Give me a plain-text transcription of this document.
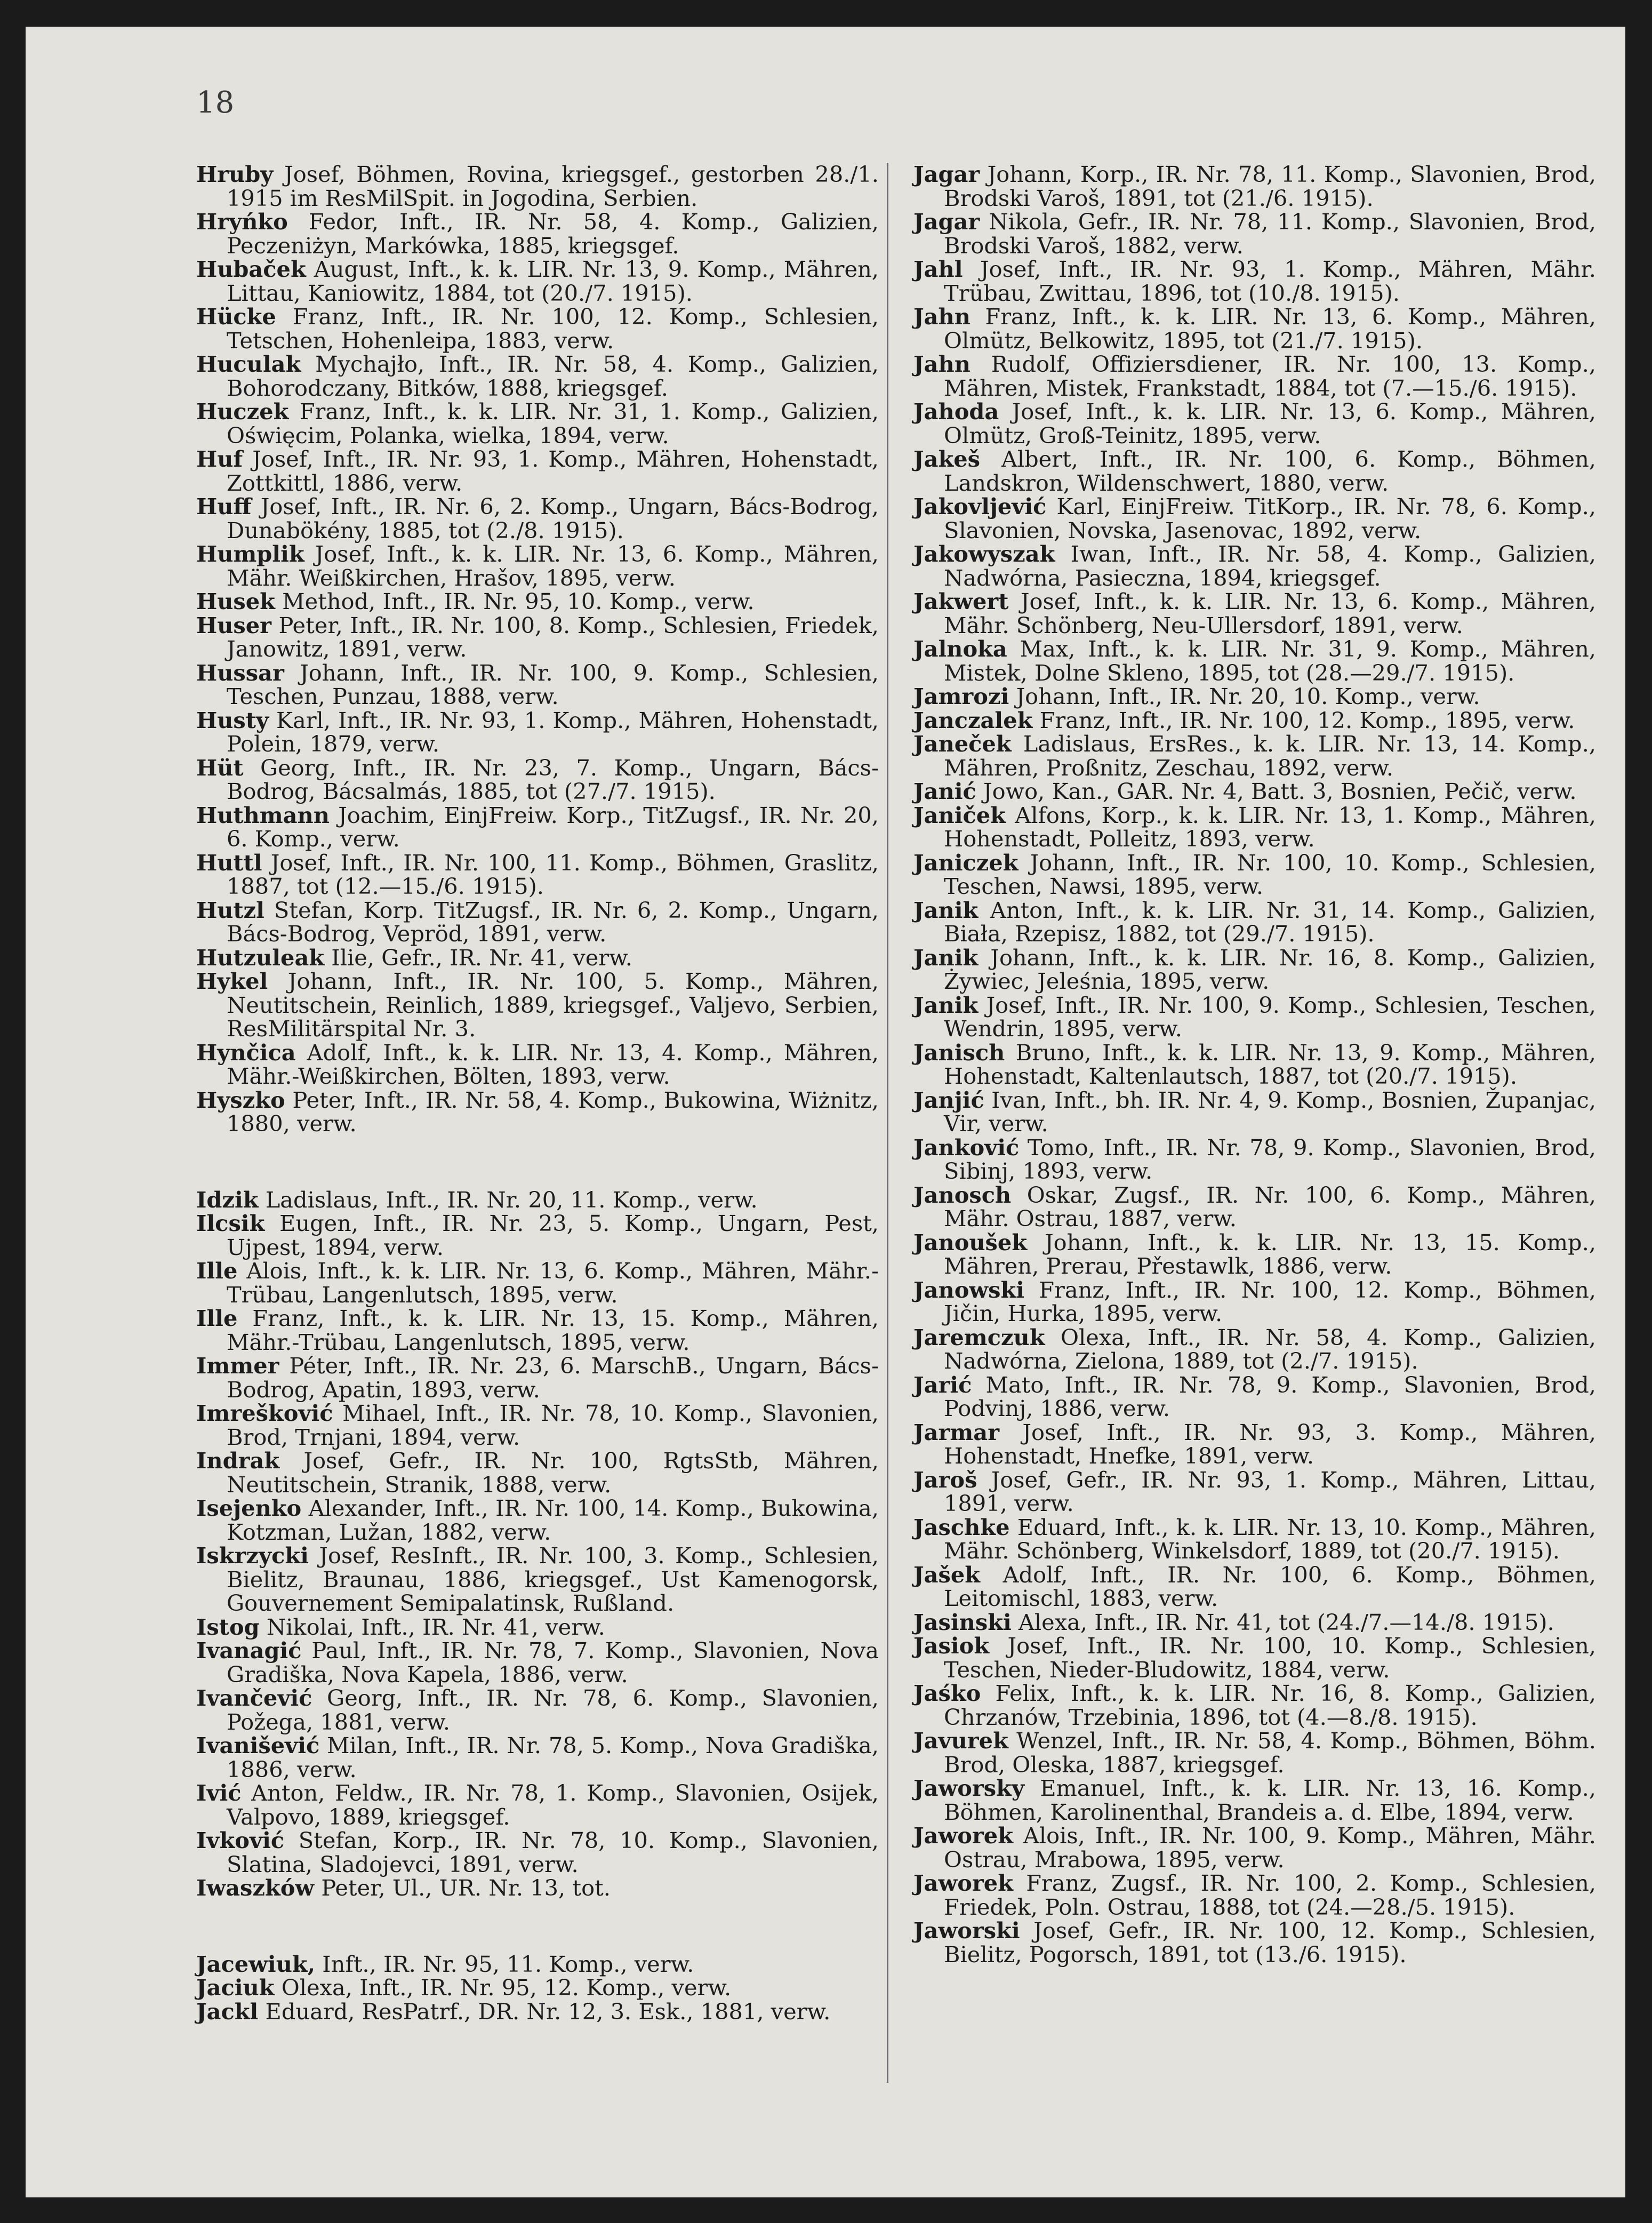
18
Hruby Josef, Böhmen, Rovina, kriegsgef., gestorben 28./1. 1915 im ResMilSpit. in Jogodina, Serbien.
Hryńko Fedor, Inft., IR. Nr. 58, 4. Komp., Galizien, Peczeniżyn, Markówka, 1885, kriegsgef.
Hubaček August, Inft., k. k. LIR. Nr. 13, 9. Komp., Mähren, Littau, Kaniowitz, 1884, tot (20./7. 1915).
Hücke Franz, Inft., IR. Nr. 100, 12. Komp., Schlesien, Tetschen, Hohenleipa, 1883, verw.
Huculak Mychajło, Inft., IR. Nr. 58, 4. Komp., Galizien, Bohorodczany, Bitków, 1888, kriegsgef.
Huczek Franz, Inft., k. k. LIR. Nr. 31, 1. Komp., Galizien, Oświęcim, Polanka, wielka, 1894, verw.
Huf Josef, Inft., IR. Nr. 93, 1. Komp., Mähren, Hohenstadt, Zottkittl, 1886, verw.
Huff Josef, Inft., IR. Nr. 6, 2. Komp., Ungarn, Bács-Bodrog, Dunabökény, 1885, tot (2./8. 1915).
Humplik Josef, Inft., k. k. LIR. Nr. 13, 6. Komp., Mähren, Mähr. Weißkirchen, Hrašov, 1895, verw.
Husek Method, Inft., IR. Nr. 95, 10. Komp., verw.
Huser Peter, Inft., IR. Nr. 100, 8. Komp., Schlesien, Friedek, Janowitz, 1891, verw.
Hussar Johann, Inft., IR. Nr. 100, 9. Komp., Schlesien, Teschen, Punzau, 1888, verw.
Husty Karl, Inft., IR. Nr. 93, 1. Komp., Mähren, Hohenstadt, Polein, 1879, verw.
Hüt Georg, Inft., IR. Nr. 23, 7. Komp., Ungarn, Bács-Bodrog, Bácsalmás, 1885, tot (27./7. 1915).
Huthmann Joachim, EinjFreiw. Korp., TitZugsf., IR. Nr. 20, 6. Komp., verw.
Huttl Josef, Inft., IR. Nr. 100, 11. Komp., Böhmen, Graslitz, 1887, tot (12.—15./6. 1915).
Hutzl Stefan, Korp. TitZugsf., IR. Nr. 6, 2. Komp., Ungarn, Bács-Bodrog, Vepröd, 1891, verw.
Hutzuleak Ilie, Gefr., IR. Nr. 41, verw.
Hykel Johann, Inft., IR. Nr. 100, 5. Komp., Mähren, Neutitschein, Reinlich, 1889, kriegsgef., Valjevo, Serbien, ResMilitärspital Nr. 3.
Hynčica Adolf, Inft., k. k. LIR. Nr. 13, 4. Komp., Mähren, Mähr.-Weißkirchen, Bölten, 1893, verw.
Hyszko Peter, Inft., IR. Nr. 58, 4. Komp., Bukowina, Wiżnitz, 1880, verw.
Idzik Ladislaus, Inft., IR. Nr. 20, 11. Komp., verw.
Ilcsik Eugen, Inft., IR. Nr. 23, 5. Komp., Ungarn, Pest, Ujpest, 1894, verw.
Ille Alois, Inft., k. k. LIR. Nr. 13, 6. Komp., Mähren, Mähr.-Trübau, Langenlutsch, 1895, verw.
Ille Franz, Inft., k. k. LIR. Nr. 13, 15. Komp., Mähren, Mähr.-Trübau, Langenlutsch, 1895, verw.
Immer Péter, Inft., IR. Nr. 23, 6. MarschB., Ungarn, Bács-Bodrog, Apatin, 1893, verw.
Imrešković Mihael, Inft., IR. Nr. 78, 10. Komp., Slavonien, Brod, Trnjani, 1894, verw.
Indrak Josef, Gefr., IR. Nr. 100, RgtsStb, Mähren, Neutitschein, Stranik, 1888, verw.
Isejenko Alexander, Inft., IR. Nr. 100, 14. Komp., Bukowina, Kotzman, Lužan, 1882, verw.
Iskrzycki Josef, ResInft., IR. Nr. 100, 3. Komp., Schlesien, Bielitz, Braunau, 1886, kriegsgef., Ust Kamenogorsk, Gouvernement Semipalatinsk, Rußland.
Istog Nikolai, Inft., IR. Nr. 41, verw.
Ivanagić Paul, Inft., IR. Nr. 78, 7. Komp., Slavonien, Nova Gradiška, Nova Kapela, 1886, verw.
Ivančević Georg, Inft., IR. Nr. 78, 6. Komp., Slavonien, Požega, 1881, verw.
Ivanišević Milan, Inft., IR. Nr. 78, 5. Komp., Nova Gradiška, 1886, verw.
Ivić Anton, Feldw., IR. Nr. 78, 1. Komp., Slavonien, Osijek, Valpovo, 1889, kriegsgef.
Ivković Stefan, Korp., IR. Nr. 78, 10. Komp., Slavonien, Slatina, Sladojevci, 1891, verw.
Iwaszków Peter, Ul., UR. Nr. 13, tot.
Jacewiuk, Inft., IR. Nr. 95, 11. Komp., verw.
Jaciuk Olexa, Inft., IR. Nr. 95, 12. Komp., verw.
Jackl Eduard, ResPatrf., DR. Nr. 12, 3. Esk., 1881, verw.
Jagar Johann, Korp., IR. Nr. 78, 11. Komp., Slavonien, Brod, Brodski Varoš, 1891, tot (21./6. 1915).
Jagar Nikola, Gefr., IR. Nr. 78, 11. Komp., Slavonien, Brod, Brodski Varoš, 1882, verw.
Jahl Josef, Inft., IR. Nr. 93, 1. Komp., Mähren, Mähr. Trübau, Zwittau, 1896, tot (10./8. 1915).
Jahn Franz, Inft., k. k. LIR. Nr. 13, 6. Komp., Mähren, Olmütz, Belkowitz, 1895, tot (21./7. 1915).
Jahn Rudolf, Offiziersdiener, IR. Nr. 100, 13. Komp., Mähren, Mistek, Frankstadt, 1884, tot (7.—15./6. 1915).
Jahoda Josef, Inft., k. k. LIR. Nr. 13, 6. Komp., Mähren, Olmütz, Groß-Teinitz, 1895, verw.
Jakeš Albert, Inft., IR. Nr. 100, 6. Komp., Böhmen, Landskron, Wildenschwert, 1880, verw.
Jakovljević Karl, EinjFreiw. TitKorp., IR. Nr. 78, 6. Komp., Slavonien, Novska, Jasenovac, 1892, verw.
Jakowyszak Iwan, Inft., IR. Nr. 58, 4. Komp., Galizien, Nadwórna, Pasieczna, 1894, kriegsgef.
Jakwert Josef, Inft., k. k. LIR. Nr. 13, 6. Komp., Mähren, Mähr. Schönberg, Neu-Ullersdorf, 1891, verw.
Jalnoka Max, Inft., k. k. LIR. Nr. 31, 9. Komp., Mähren, Mistek, Dolne Skleno, 1895, tot (28.—29./7. 1915).
Jamrozi Johann, Inft., IR. Nr. 20, 10. Komp., verw.
Janczalek Franz, Inft., IR. Nr. 100, 12. Komp., 1895, verw.
Janeček Ladislaus, ErsRes., k. k. LIR. Nr. 13, 14. Komp., Mähren, Proßnitz, Zeschau, 1892, verw.
Janić Jowo, Kan., GAR. Nr. 4, Batt. 3, Bosnien, Pečič, verw.
Janiček Alfons, Korp., k. k. LIR. Nr. 13, 1. Komp., Mähren, Hohenstadt, Polleitz, 1893, verw.
Janiczek Johann, Inft., IR. Nr. 100, 10. Komp., Schlesien, Teschen, Nawsi, 1895, verw.
Janik Anton, Inft., k. k. LIR. Nr. 31, 14. Komp., Galizien, Biała, Rzepisz, 1882, tot (29./7. 1915).
Janik Johann, Inft., k. k. LIR. Nr. 16, 8. Komp., Galizien, Żywiec, Jeleśnia, 1895, verw.
Janik Josef, Inft., IR. Nr. 100, 9. Komp., Schlesien, Teschen, Wendrin, 1895, verw.
Janisch Bruno, Inft., k. k. LIR. Nr. 13, 9. Komp., Mähren, Hohenstadt, Kaltenlautsch, 1887, tot (20./7. 1915).
Janjić Ivan, Inft., bh. IR. Nr. 4, 9. Komp., Bosnien, Županjac, Vir, verw.
Janković Tomo, Inft., IR. Nr. 78, 9. Komp., Slavonien, Brod, Sibinj, 1893, verw.
Janosch Oskar, Zugsf., IR. Nr. 100, 6. Komp., Mähren, Mähr. Ostrau, 1887, verw.
Janoušek Johann, Inft., k. k. LIR. Nr. 13, 15. Komp., Mähren, Prerau, Přestawlk, 1886, verw.
Janowski Franz, Inft., IR. Nr. 100, 12. Komp., Böhmen, Jičin, Hurka, 1895, verw.
Jaremczuk Olexa, Inft., IR. Nr. 58, 4. Komp., Galizien, Nadwórna, Zielona, 1889, tot (2./7. 1915).
Jarić Mato, Inft., IR. Nr. 78, 9. Komp., Slavonien, Brod, Podvinj, 1886, verw.
Jarmar Josef, Inft., IR. Nr. 93, 3. Komp., Mähren, Hohenstadt, Hnefke, 1891, verw.
Jaroš Josef, Gefr., IR. Nr. 93, 1. Komp., Mähren, Littau, 1891, verw.
Jaschke Eduard, Inft., k. k. LIR. Nr. 13, 10. Komp., Mähren, Mähr. Schönberg, Winkelsdorf, 1889, tot (20./7. 1915).
Jašek Adolf, Inft., IR. Nr. 100, 6. Komp., Böhmen, Leitomischl, 1883, verw.
Jasinski Alexa, Inft., IR. Nr. 41, tot (24./7.—14./8. 1915).
Jasiok Josef, Inft., IR. Nr. 100, 10. Komp., Schlesien, Teschen, Nieder-Bludowitz, 1884, verw.
Jaśko Felix, Inft., k. k. LIR. Nr. 16, 8. Komp., Galizien, Chrzanów, Trzebinia, 1896, tot (4.—8./8. 1915).
Javurek Wenzel, Inft., IR. Nr. 58, 4. Komp., Böhmen, Böhm. Brod, Oleska, 1887, kriegsgef.
Jaworsky Emanuel, Inft., k. k. LIR. Nr. 13, 16. Komp., Böhmen, Karolinenthal, Brandeis a. d. Elbe, 1894, verw.
Jaworek Alois, Inft., IR. Nr. 100, 9. Komp., Mähren, Mähr. Ostrau, Mrabowa, 1895, verw.
Jaworek Franz, Zugsf., IR. Nr. 100, 2. Komp., Schlesien, Friedek, Poln. Ostrau, 1888, tot (24.—28./5. 1915).
Jaworski Josef, Gefr., IR. Nr. 100, 12. Komp., Schlesien, Bielitz, Pogorsch, 1891, tot (13./6. 1915).
